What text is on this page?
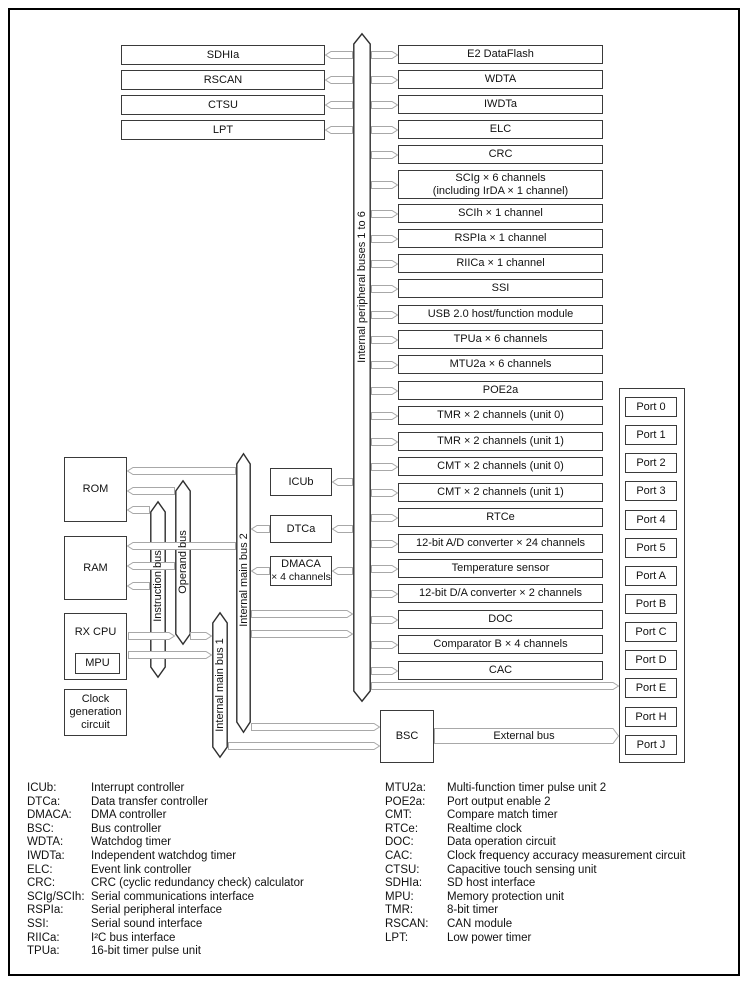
SDHIa
RSCAN
CTSU
LPT
E2 DataFlash
WDTA
IWDTa
ELC
CRC
SCIg × 6 channels
(including IrDA × 1 channel)
SCIh × 1 channel
RSPIa × 1 channel
RIICa × 1 channel
SSI
USB 2.0 host/function module
TPUa × 6 channels
MTU2a × 6 channels
POE2a
TMR × 2 channels (unit 0)
TMR × 2 channels (unit 1)
CMT × 2 channels (unit 0)
CMT × 2 channels (unit 1)
RTCe
12-bit A/D converter × 24 channels
Temperature sensor
12-bit D/A converter × 2 channels
DOC
Comparator B × 4 channels
CAC
Port 0
Port 1
Port 2
Port 3
Port 4
Port 5
Port A
Port B
Port C
Port D
Port E
Port H
Port J
ROM
RAM
RX CPU
MPU
Clock
generation
circuit
ICUb
DTCa
DMACA
× 4 channels
BSC	External bus
Internal peripheral buses 1 to 6
Instruction bus Operand bus	Internal main bus 2
Internal main bus 1
ICUb:	Interrupt controller
DTCa:	Data transfer controller
DMACA: DMA controller
BSC:	Bus controller
WDTA: Watchdog timer
IWDTa: Independent watchdog timer
ELC:	Event link controller
CRC:	CRC (cyclic redundancy check) calculator
SCIg/SCIh: Serial communications interface
RSPIa: Serial peripheral interface
SSI:	Serial sound interface
RIICa:	I²C bus interface
TPUa:	16-bit timer pulse unit
MTU2a: Multi-function timer pulse unit 2
POE2a: Port output enable 2
CMT:	Compare match timer
RTCe:	Realtime clock
DOC:	Data operation circuit
CAC:	Clock frequency accuracy measurement circuit
CTSU: Capacitive touch sensing unit
SDHIa: SD host interface
MPU:	Memory protection unit
TMR:	8-bit timer
RSCAN: CAN module
LPT:	Low power timer
